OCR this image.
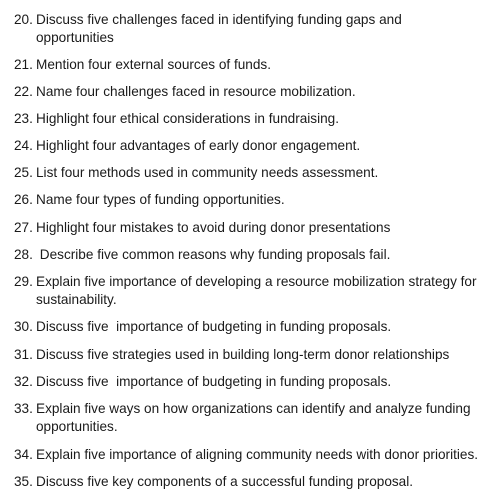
20. Discuss five challenges faced in identifying funding gaps and opportunities
21. Mention four external sources of funds.
22. Name four challenges faced in resource mobilization.
23. Highlight four ethical considerations in fundraising.
24. Highlight four advantages of early donor engagement.
25. List four methods used in community needs assessment.
26. Name four types of funding opportunities.
27. Highlight four mistakes to avoid during donor presentations
28. Describe five common reasons why funding proposals fail.
29. Explain five importance of developing a resource mobilization strategy for sustainability.
30. Discuss five  importance of budgeting in funding proposals.
31. Discuss five strategies used in building long-term donor relationships
32. Discuss five  importance of budgeting in funding proposals.
33. Explain five ways on how organizations can identify and analyze funding opportunities.
34. Explain five importance of aligning community needs with donor priorities.
35. Discuss five key components of a successful funding proposal.
